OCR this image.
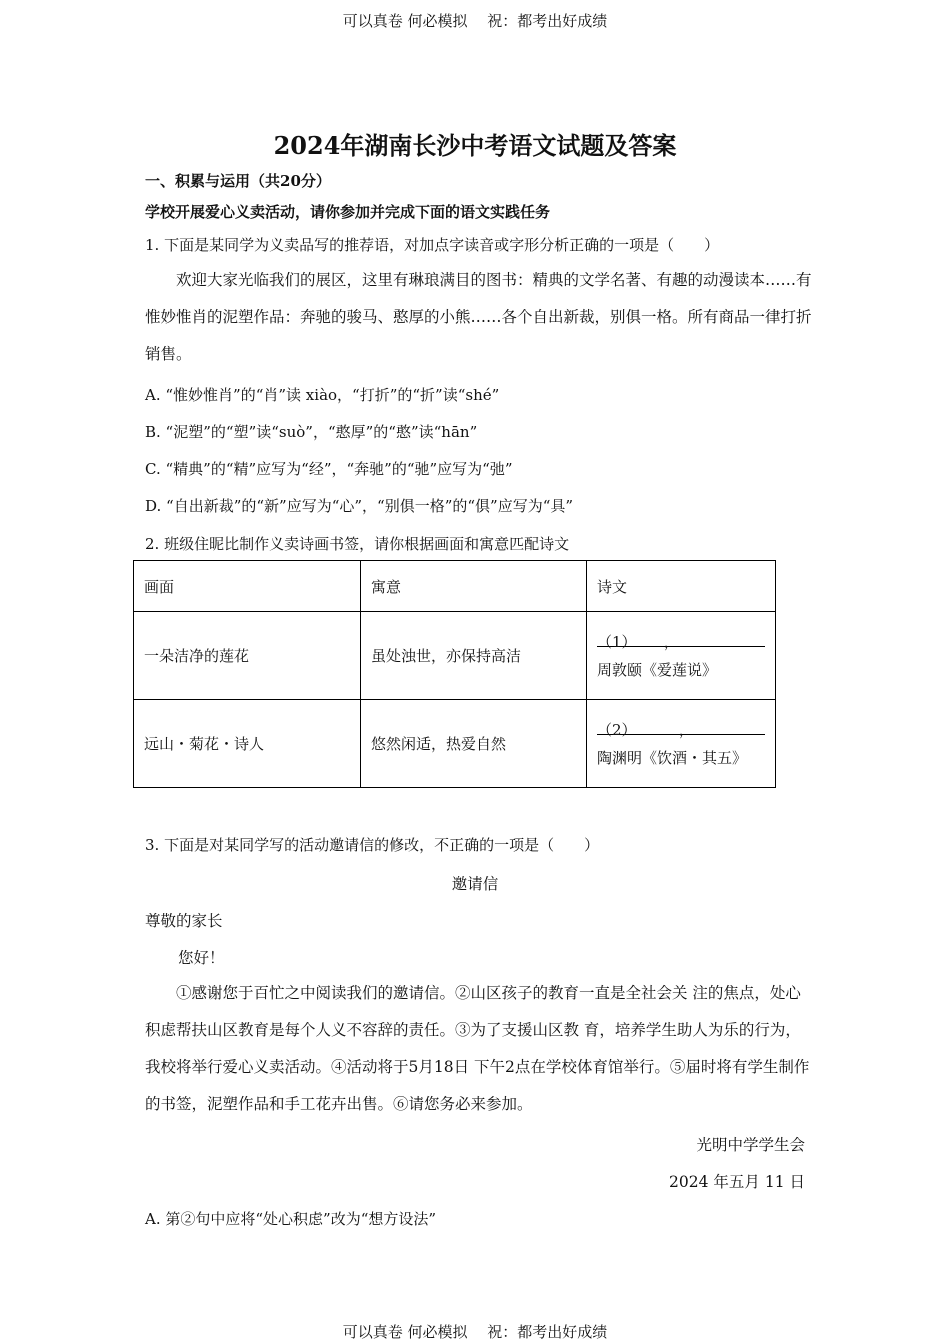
可以真卷 何必模拟　 祝：都考出好成绩
2024年湖南长沙中考语文试题及答案
一、积累与运用（共20分）
学校开展爱心义卖活动，请你参加并完成下面的语文实践任务
1. 下面是某同学为义卖品写的推荐语，对加点字读音或字形分析正确的一项是（　　）
欢迎大家光临我们的展区，这里有琳琅满目的图书：精典的文学名著、有趣的动漫读本……有惟妙惟肖的泥塑作品：奔驰的骏马、憨厚的小熊……各个自出新裁，别俱一格。所有商品一律打折销售。
A. “惟妙惟肖”的“肖”读 xiào，“打折”的“折”读“shé”
B. “泥塑”的“塑”读“suò”，“憨厚”的“憨”读“hān”
C. “精典”的“精”应写为“经”，“奔驰”的“驰”应写为“弛”
D. “自出新裁”的“新”应写为“心”，“别俱一格”的“俱”应写为“具”
2. 班级住昵比制作义卖诗画书签，请你根据画面和寓意匹配诗文
画面	寓意	诗文
一朵洁净的莲花	虽处浊世，亦保持高洁	（1）　　 ，
周敦颐《爱莲说》

远山・菊花・诗人	悠然闲适，热爱自然	（2）　　　 ，
陶渊明《饮酒・其五》
3. 下面是对某同学写的活动邀请信的修改，不正确的一项是（　　）
邀请信
尊敬的家长
您好！
①感谢您于百忙之中阅读我们的邀请信。②山区孩子的教育一直是全社会关 注的焦点，处心积虑帮扶山区教育是每个人义不容辞的责任。③为了支援山区教 育，培养学生助人为乐的行为，我校将举行爱心义卖活动。④活动将于5月18日 下午2点在学校体育馆举行。⑤届时将有学生制作的书签，泥塑作品和手工花卉出售。⑥请您务必来参加。
光明中学学生会
2024 年五月 11 日
A. 第②句中应将“处心积虑”改为“想方设法”
可以真卷 何必模拟　 祝：都考出好成绩
